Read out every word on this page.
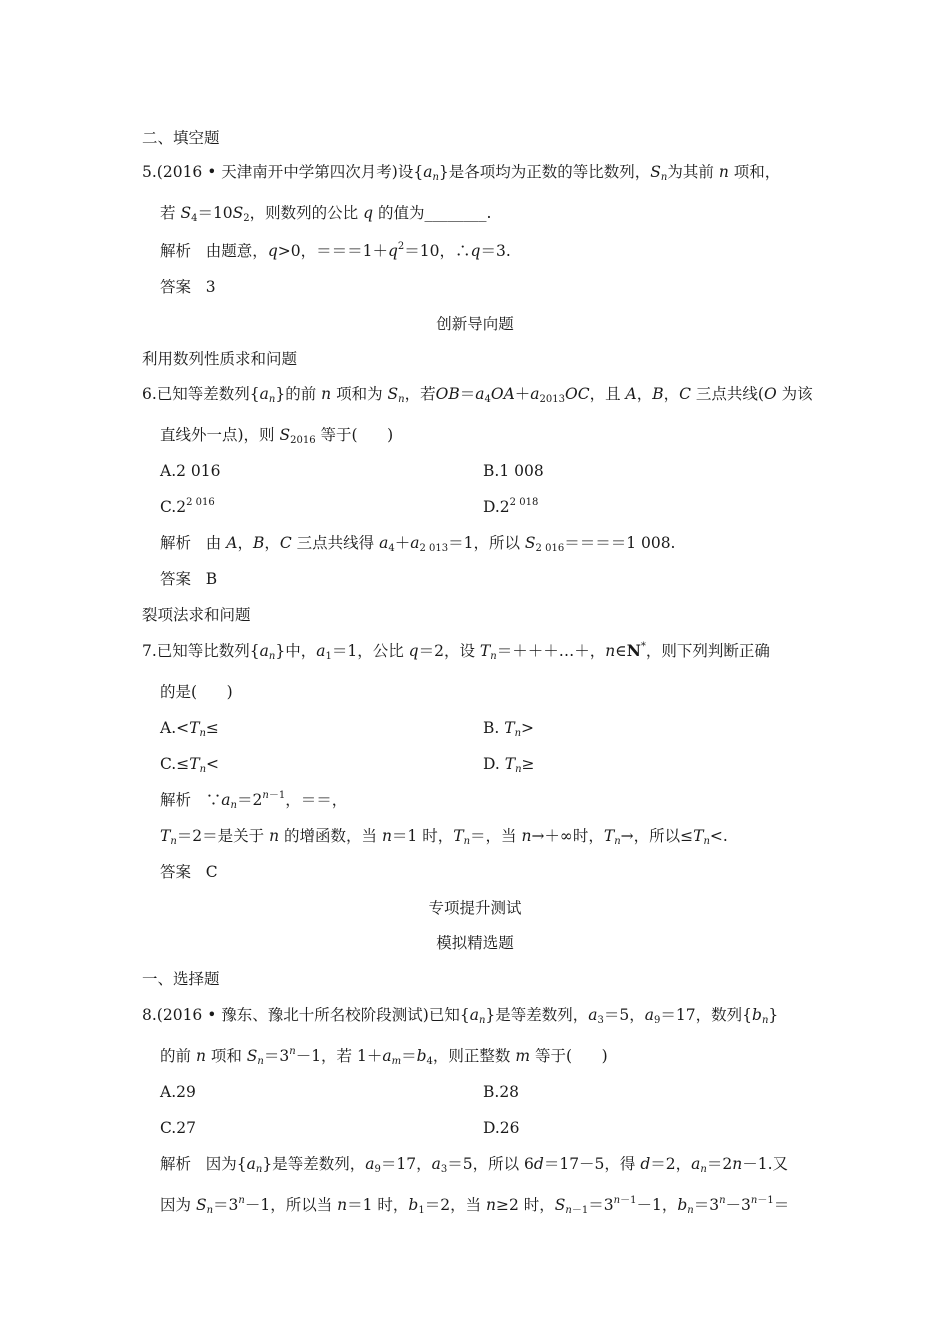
二、填空题
5.(2016 • 天津南开中学第四次月考)设$\{a_n\}$是各项均为正数的等比数列，$S_n$为其前 n 项和，
若 $S_4=10S_2$，则数列的公比 q 的值为________.
解析   由题意，q>0，$===1+q^2=10$，∴q＝3.
答案 3
创新导向题
利用数列性质求和问题
6.已知等差数列$\{a_n\}$的前 n 项和为 $S_n$，若$OB=a_4OA+a_{2013}OC$，且 A，B，C 三点共线(O 为该
直线外一点)，则 $S_{2016}$ 等于(      )
A.2 016	B.1 008
$C.2^{2 016}$	$D.2^{2 018}$
解析   由 A，B，C 三点共线得 $a_4+a_{2 013}=1$，所以 $S_{2 016}====1$ 008.
答案 B
裂项法求和问题
7.已知等比数列$\{a_n\}$中，$a_1=1$，公比 q＝2，设 $T_n=+++\dots+$，n∈N*，则下列判断正确
的是(      )
$A.<T_n\le$	B. $T_n>$
$C.\le T_n<$	D. $T_n\ge$
解析   $\because a_n=2^{n-1}$，＝＝，
$T_n=2=$是关于 n 的增函数，当 n＝1 时，$T_n=$，当 n→＋∞时，$T_n\to$，所以$\le T_n<$.
答案 C
专项提升测试
模拟精选题
一、选择题
8.(2016 • 豫东、豫北十所名校阶段测试)已知$\{a_n\}$是等差数列，$a_3=5$，$a_9=17$，数列$\{b_n\}$
的前 n 项和 $S_n=3^n-1$，若 $1+a_m=b_4$，则正整数 m 等于(      )
A.29	B.28
C.27	D.26
解析   因为$\{a_n\}$是等差数列，$a_9=17$，$a_3=5$，所以 6d＝17－5，得 d＝2，$a_n=2n-1$.又
因为 $S_n=3^n-1$，所以当 n＝1 时，$b_1=2$，当 n≥2 时，$S_{n-1}=3^{n-1}-1$，$b_n=3^n-3^{n-1}=$
